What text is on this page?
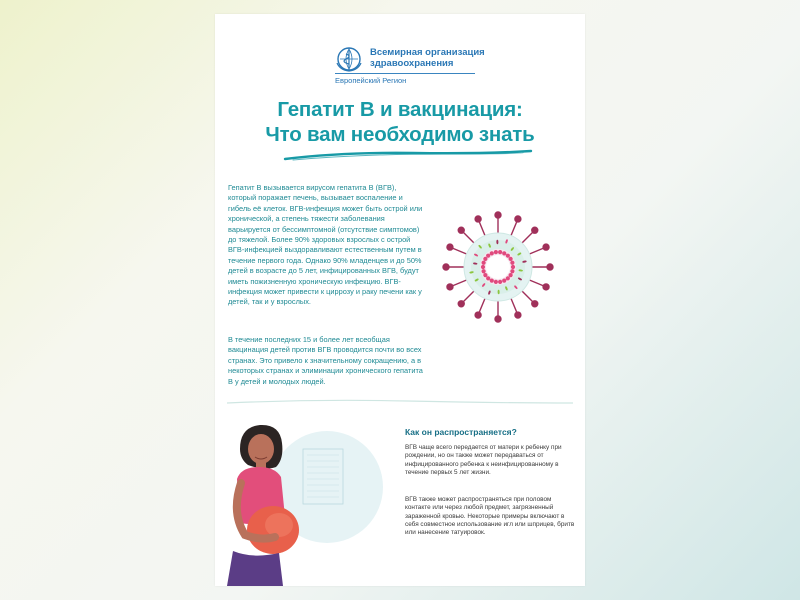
Всемирная организация
здравоохранения
Европейский Регион
Гепатит В и вакцинация:
Что вам необходимо знать
Гепатит В вызывается вирусом гепатита В (ВГВ), который поражает печень, вызывает воспаление и гибель её клеток. ВГВ-инфекция может быть острой или хронической, а степень тяжести заболевания варьируется от бессимптомной (отсутствие симптомов) до тяжелой. Более 90% здоровых взрослых с острой ВГВ-инфекцией выздоравливают естественным путем в течение первого года. Однако 90% младенцев и до 50% детей в возрасте до 5 лет, инфицированных ВГВ, будут иметь пожизненную хроническую инфекцию. ВГВ-инфекция может привести к циррозу и раку печени как у детей, так и у взрослых.
В течение последних 15 и более лет всеобщая вакцинация детей против ВГВ проводится почти во всех странах. Это привело к значительному сокращению, а в некоторых странах и элиминации хронического гепатита В у детей и молодых людей.
Как он распространяется?
ВГВ чаще всего передается от матери к ребенку при рождении, но он также может передаваться от инфицированного ребенка к неинфицированному в течение первых 5 лет жизни.
ВГВ также может распространяться при половом контакте или через любой предмет, загрязненный зараженной кровью. Некоторые примеры включают в себя совместное использование игл или шприцев, бритв или нанесение татуировок.
